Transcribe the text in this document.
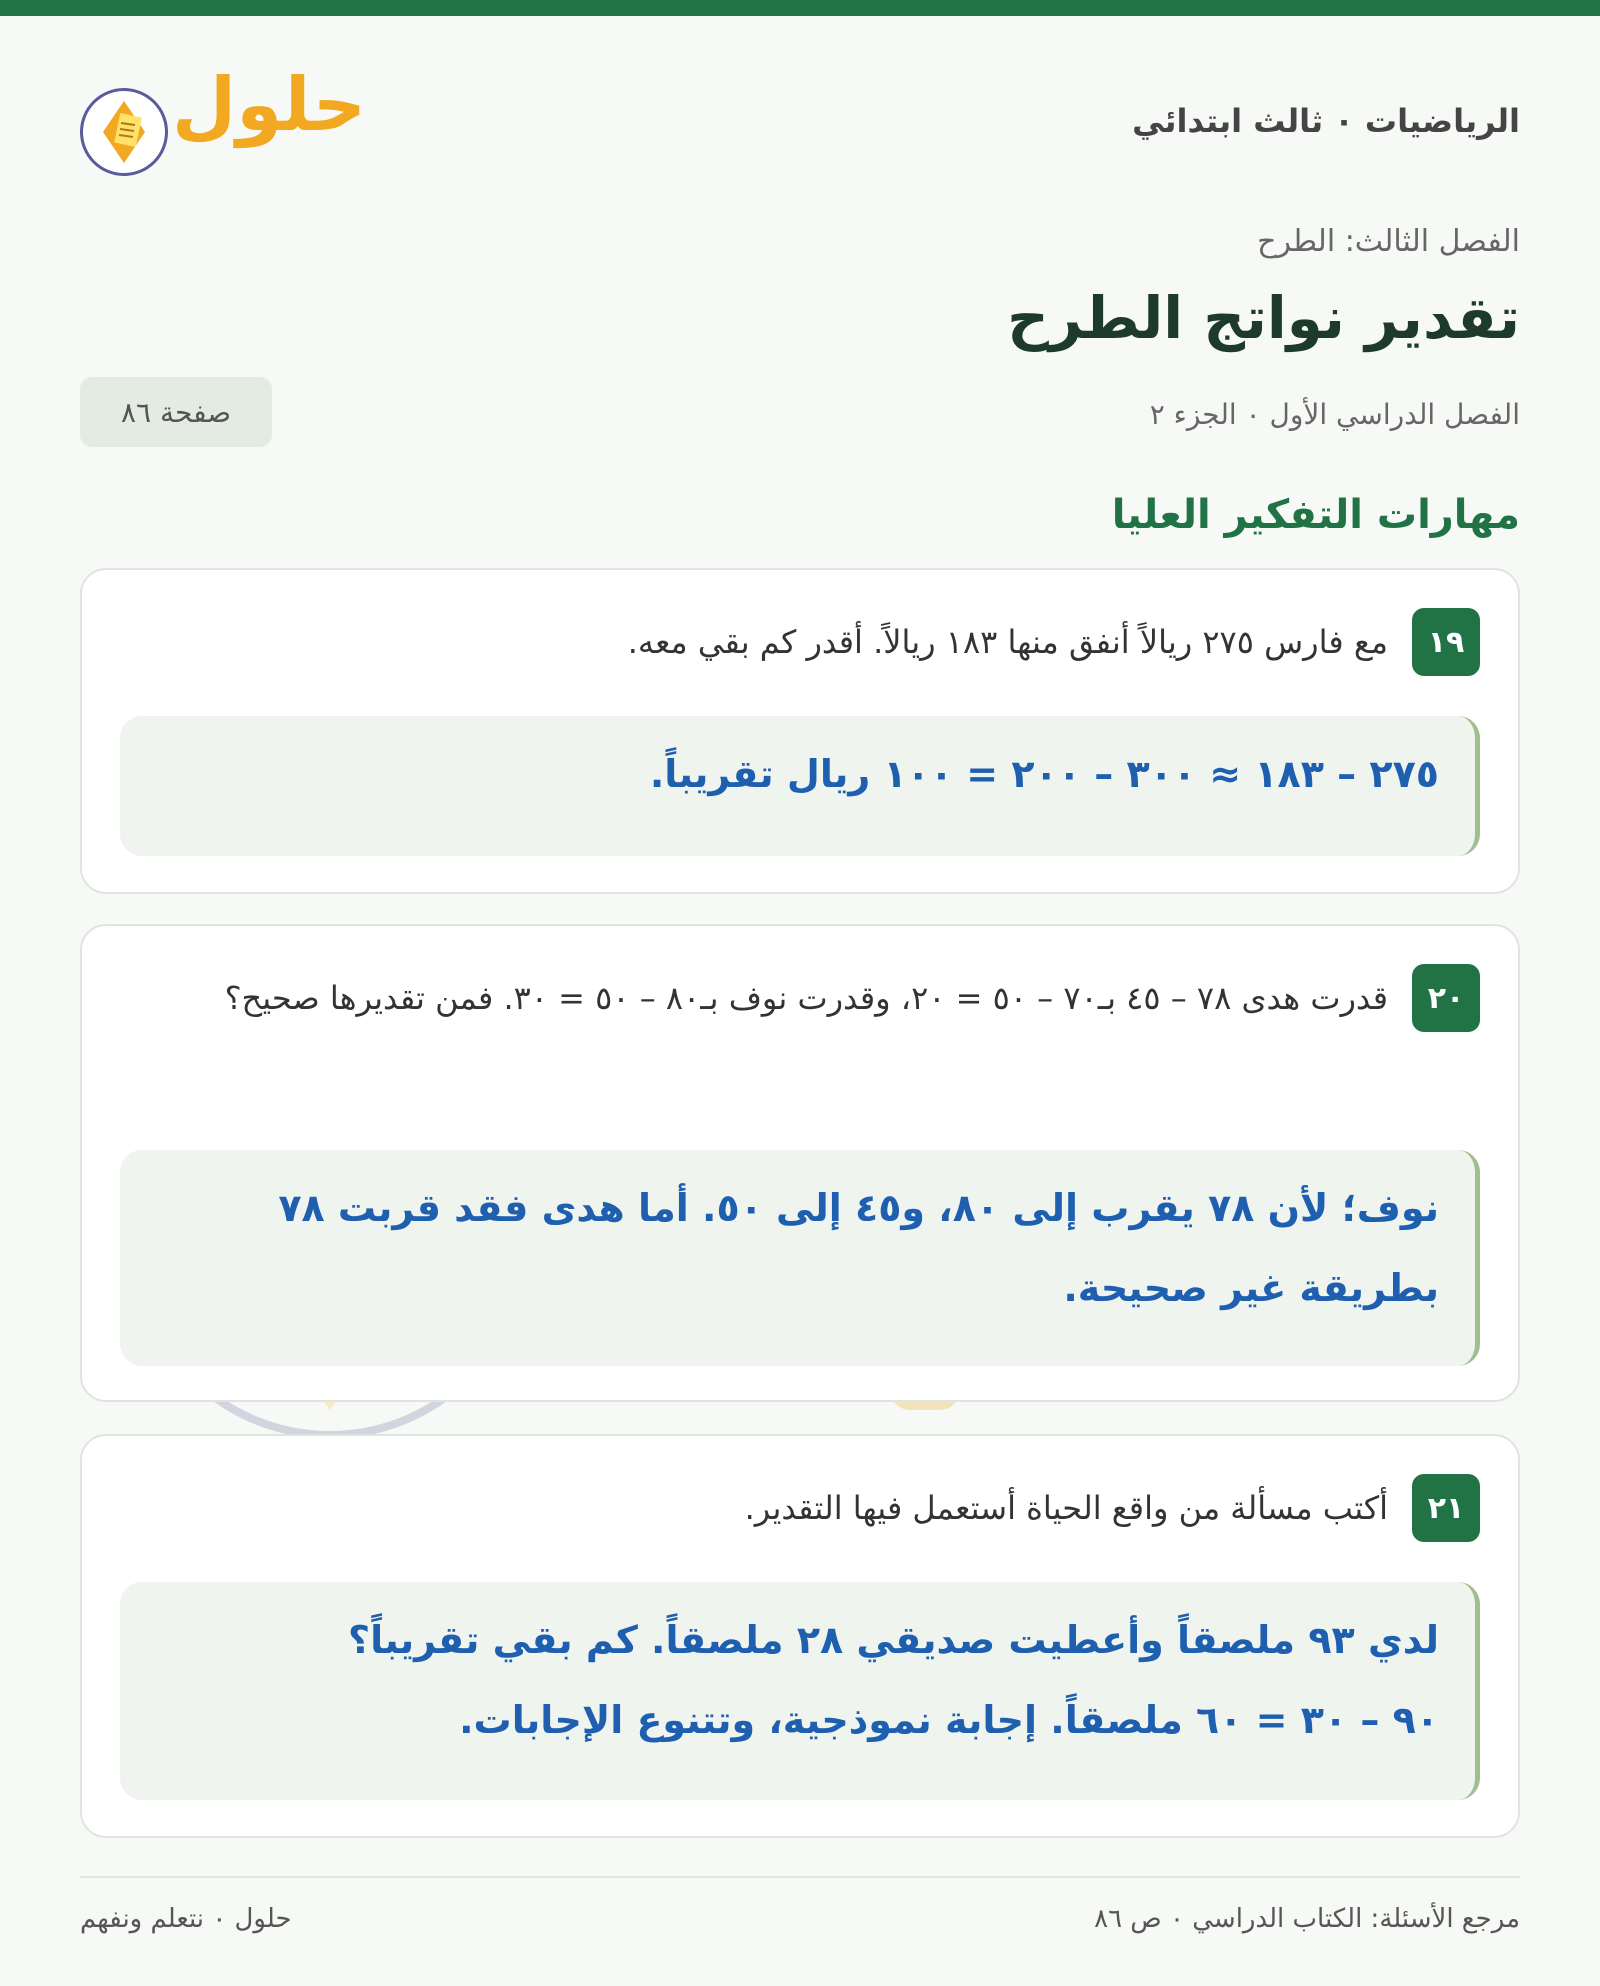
الرياضيات ٠ ثالث ابتدائي
حلول
الفصل الثالث: الطرح
تقدير نواتج الطرح
الفصل الدراسي الأول ٠ الجزء ٢
صفحة ٨٦
مهارات التفكير العليا
١٩
مع فارس ٢٧٥ ريالاً أنفق منها ١٨٣ ريالاً. أقدر كم بقي معه.
٢٧٥ – ١٨٣ ≈ ٣٠٠ – ٢٠٠ = ١٠٠ ريال تقريباً.
٢٠
قدرت هدى ٧٨ – ٤٥ بـ٧٠ – ٥٠ = ٢٠، وقدرت نوف بـ٨٠ – ٥٠ = ٣٠. فمن تقديرها صحيح؟
نوف؛ لأن ٧٨ يقرب إلى ٨٠، و٤٥ إلى ٥٠. أما هدى فقد قربت ٧٨ بطريقة غير صحيحة.
٢١
أكتب مسألة من واقع الحياة أستعمل فيها التقدير.
لدي ٩٣ ملصقاً وأعطيت صديقي ٢٨ ملصقاً. كم بقي تقريباً؟
٩٠ – ٣٠ = ٦٠ ملصقاً. إجابة نموذجية، وتتنوع الإجابات.
مرجع الأسئلة: الكتاب الدراسي ٠ ص ٨٦
حلول ٠ نتعلم ونفهم
